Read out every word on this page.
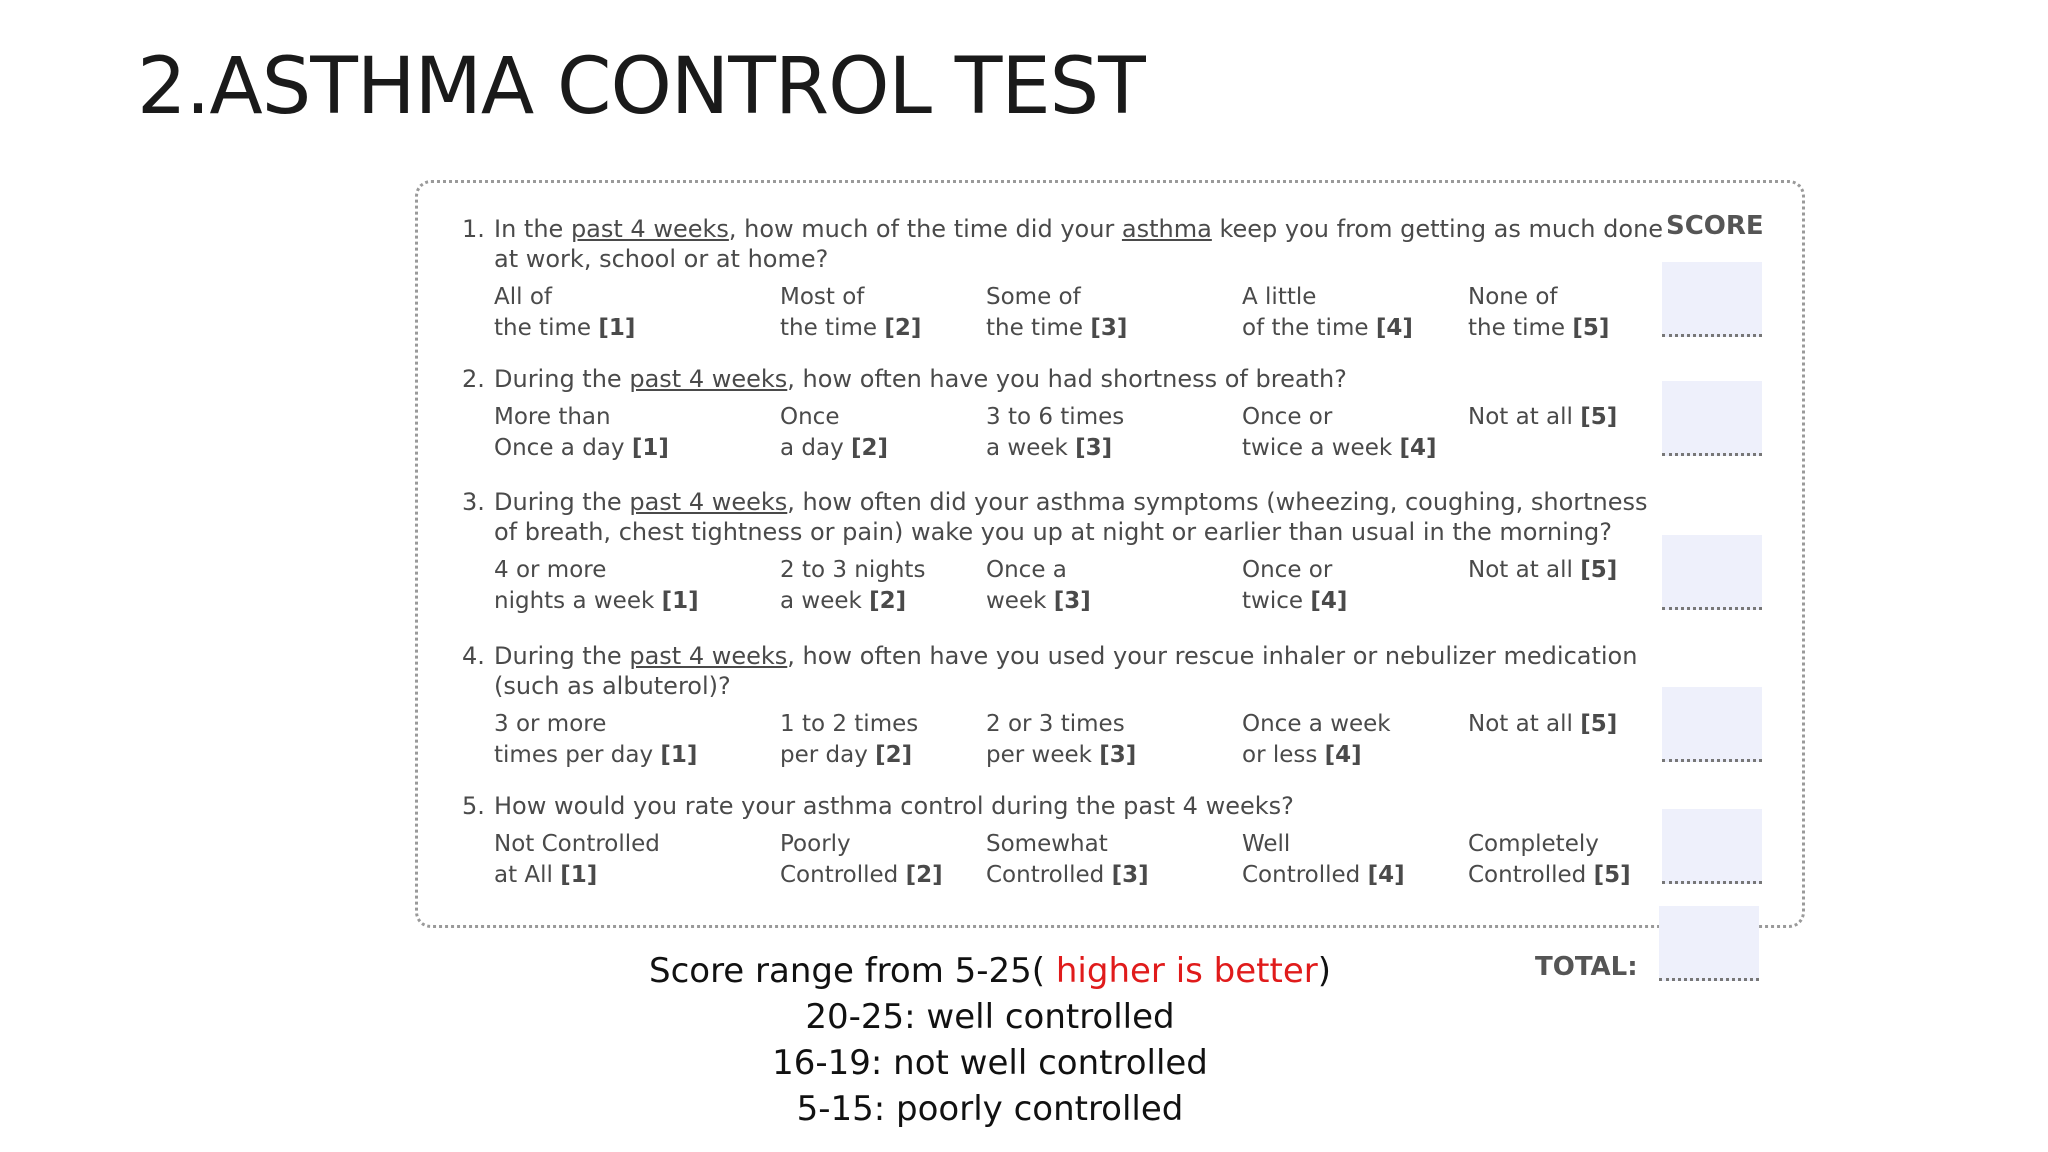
2.ASTHMA CONTROL TEST
SCORE
1. In the past 4 weeks, how much of the time did your asthma keep you from getting as much done at work, school or at home?
All of
the time [1]
Most of
the time [2]
Some of
the time [3]
A little
of the time [4]
None of
the time [5]
2. During the past 4 weeks, how often have you had shortness of breath?
More than
Once a day [1]
Once
a day [2]
3 to 6 times
a week [3]
Once or
twice a week [4]
Not at all [5]
3. During the past 4 weeks, how often did your asthma symptoms (wheezing, coughing, shortness of breath, chest tightness or pain) wake you up at night or earlier than usual in the morning?
4 or more
nights a week [1]
2 to 3 nights
a week [2]
Once a
week [3]
Once or
twice [4]
Not at all [5]
4. During the past 4 weeks, how often have you used your rescue inhaler or nebulizer medication (such as albuterol)?
3 or more
times per day [1]
1 to 2 times
per day [2]
2 or 3 times
per week [3]
Once a week
or less [4]
Not at all [5]
5. How would you rate your asthma control during the past 4 weeks?
Not Controlled
at All [1]
Poorly
Controlled [2]
Somewhat
Controlled [3]
Well
Controlled [4]
Completely
Controlled [5]
TOTAL:
Score range from 5-25( higher is better)
20-25: well controlled
16-19: not well controlled
5-15: poorly controlled
